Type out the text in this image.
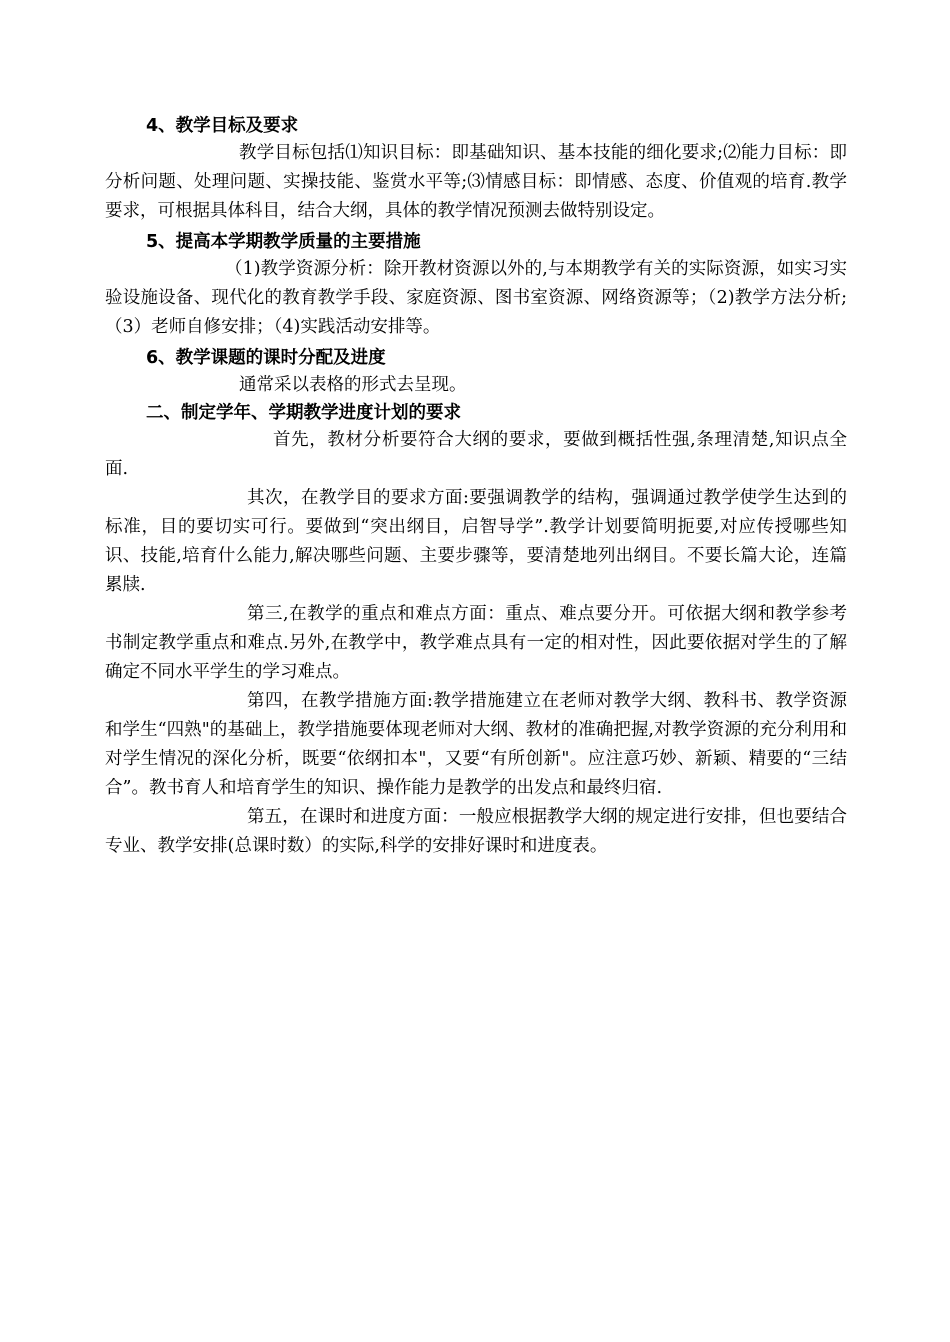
4、教学目标及要求

教学目标包括⑴知识目标：即基础知识、基本技能的细化要求;⑵能力目标：即分析问题、处理问题、实操技能、鉴赏水平等;⑶情感目标：即情感、态度、价值观的培育.教学要求，可根据具体科目，结合大纲，具体的教学情况预测去做特别设定。

5、提高本学期教学质量的主要措施

（1)教学资源分析：除开教材资源以外的,与本期教学有关的实际资源，如实习实验设施设备、现代化的教育教学手段、家庭资源、图书室资源、网络资源等；（2)教学方法分析;（3）老师自修安排；（4)实践活动安排等。

6、教学课题的课时分配及进度

通常采以表格的形式去呈现。

二、制定学年、学期教学进度计划的要求

首先，教材分析要符合大纲的要求，要做到概括性强,条理清楚,知识点全面.

其次，在教学目的要求方面:要强调教学的结构，强调通过教学使学生达到的标准，目的要切实可行。要做到“突出纲目，启智导学”.教学计划要简明扼要,对应传授哪些知识、技能,培育什么能力,解决哪些问题、主要步骤等，要清楚地列出纲目。不要长篇大论，连篇累牍.

第三,在教学的重点和难点方面：重点、难点要分开。可依据大纲和教学参考书制定教学重点和难点.另外,在教学中，教学难点具有一定的相对性，因此要依据对学生的了解确定不同水平学生的学习难点。

第四，在教学措施方面:教学措施建立在老师对教学大纲、教科书、教学资源和学生“四熟"的基础上，教学措施要体现老师对大纲、教材的准确把握,对教学资源的充分利用和对学生情况的深化分析，既要“依纲扣本"，又要“有所创新"。应注意巧妙、新颖、精要的“三结合”。教书育人和培育学生的知识、操作能力是教学的出发点和最终归宿.

第五，在课时和进度方面：一般应根据教学大纲的规定进行安排，但也要结合专业、教学安排(总课时数）的实际,科学的安排好课时和进度表。
